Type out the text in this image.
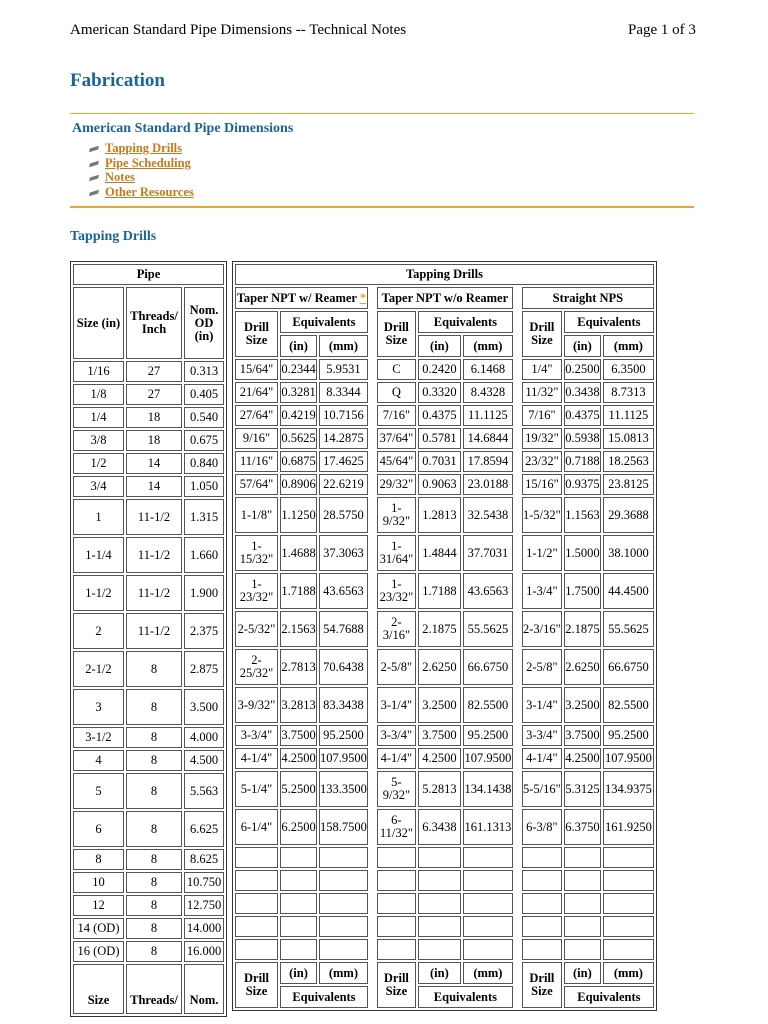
American Standard Pipe Dimensions -- Technical Notes	Page 1 of 3
Fabrication
American Standard Pipe Dimensions
Tapping Drills
Pipe Scheduling
Notes
Other Resources
Tapping Drills
Pipe		
Size (in)	Threads/ Inch	Nom. OD (in)

1/16	27	0.313
1/8	27	0.405
1/4	18	0.540
3/8	18	0.675
1/2	14	0.840
3/4	14	1.050
1	11-1/2	1.315
1-1/4	11-1/2	1.660
1-1/2	11-1/2	1.900
2	11-1/2	2.375
2-1/2	8	2.875
3	8	3.500
3-1/2	8	4.000
4	8	4.500
5	8	5.563
6	8	6.625
8	8	8.625
10	8	10.750
12	8	12.750
14 (OD)	8	14.000
16 (OD)	8	16.000
Size	Threads/	Nom.
Tapping Drills										
Taper NPT w/ Reamer *				Taper NPT w/o Reamer				Straight NPS		
Drill Size	Equivalents			Drill Size	Equivalents			Drill Size	Equivalents	
	(in)	(mm)			(in)	(mm)			(in)	(mm)
15/64"	0.2344	5.9531		C	0.2420	6.1468		1/4"	0.2500	6.3500
21/64"	0.3281	8.3344		Q	0.3320	8.4328		11/32"	0.3438	8.7313
27/64"	0.4219	10.7156		7/16"	0.4375	11.1125		7/16"	0.4375	11.1125
9/16"	0.5625	14.2875		37/64"	0.5781	14.6844		19/32"	0.5938	15.0813
11/16"	0.6875	17.4625		45/64"	0.7031	17.8594		23/32"	0.7188	18.2563
57/64"	0.8906	22.6219		29/32"	0.9063	23.0188		15/16"	0.9375	23.8125
1-1/8"	1.1250	28.5750		1-9/32"	1.2813	32.5438		1-5/32"	1.1563	29.3688
1-15/32"	1.4688	37.3063		1-31/64"	1.4844	37.7031		1-1/2"	1.5000	38.1000
1-23/32"	1.7188	43.6563		1-23/32"	1.7188	43.6563		1-3/4"	1.7500	44.4500
2-5/32"	2.1563	54.7688		2-3/16"	2.1875	55.5625		2-3/16"	2.1875	55.5625
2-25/32"	2.7813	70.6438		2-5/8"	2.6250	66.6750		2-5/8"	2.6250	66.6750
3-9/32"	3.2813	83.3438		3-1/4"	3.2500	82.5500		3-1/4"	3.2500	82.5500
3-3/4"	3.7500	95.2500		3-3/4"	3.7500	95.2500		3-3/4"	3.7500	95.2500
4-1/4"	4.2500	107.9500		4-1/4"	4.2500	107.9500		4-1/4"	4.2500	107.9500
5-1/4"	5.2500	133.3500		5-9/32"	5.2813	134.1438		5-5/16"	5.3125	134.9375
6-1/4"	6.2500	158.7500		6-11/32"	6.3438	161.1313		6-3/8"	6.3750	161.9250

Drill Size	(in)	(mm)		Drill Size	(in)	(mm)		Drill Size	(in)	(mm)
	Equivalents				Equivalents				Equivalents	
